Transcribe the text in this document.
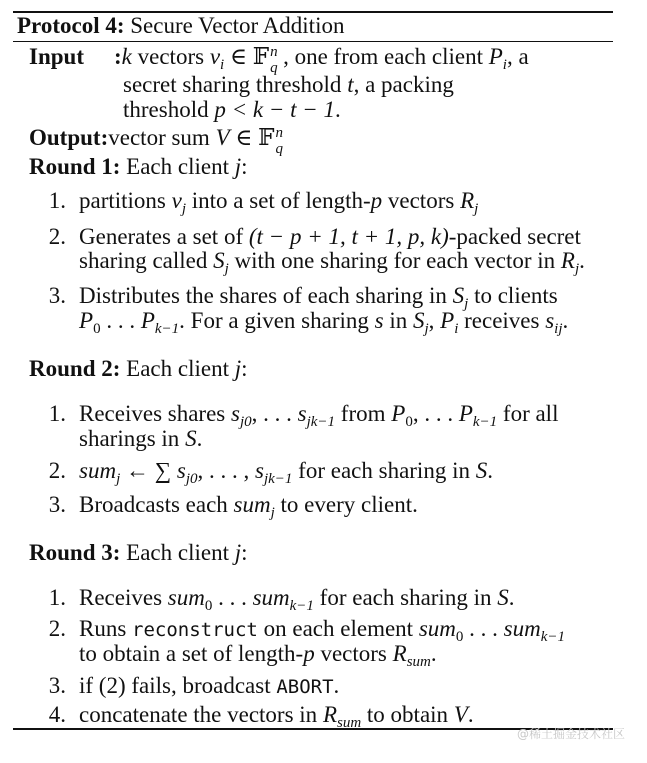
Protocol 4: Secure Vector Addition
Input :k vectors $v_i$ ∈ 𝔽 n
q , one from each client $P_i$, a
secret sharing threshold t, a packing
threshold p < k − t − 1.
Output:vector sum V ∈ 𝔽 n
q
Round 1: Each client j:
1. partitions $v_j$ into a set of length-p vectors $R_j$
2. Generates a set of (t − p + 1, t + 1, p, k)-packed secret
sharing called $S_j$ with one sharing for each vector in $R_j$.
3. Distributes the shares of each sharing in $S_j$ to clients
$P_0$ . . . $P_{k-1}$. For a given sharing s in $S_j$, $P_i$ receives $s_{ij}$.
Round 2: Each client j:
1. Receives shares $s_{j0}$, . . . $s_{jk-1}$ from $P_0$, . . . $P_{k-1}$ for all
sharings in S.
2. sum$_j$ ← ∑ $s_{j0}$, . . . , $s_{jk-1}$ for each sharing in S.
3. Broadcasts each sum$_j$ to every client.
Round 3: Each client j:
1. Receives sum$_0$ . . . sum$_{k-1}$ for each sharing in S.
2. Runs reconstruct on each element sum$_0$ . . . sum$_{k-1}$
to obtain a set of length-p vectors $R_{sum}$.
3. if (2) fails, broadcast ABORT.
4. concatenate the vectors in $R_{sum}$ to obtain V.
@稀土掘金技术社区
